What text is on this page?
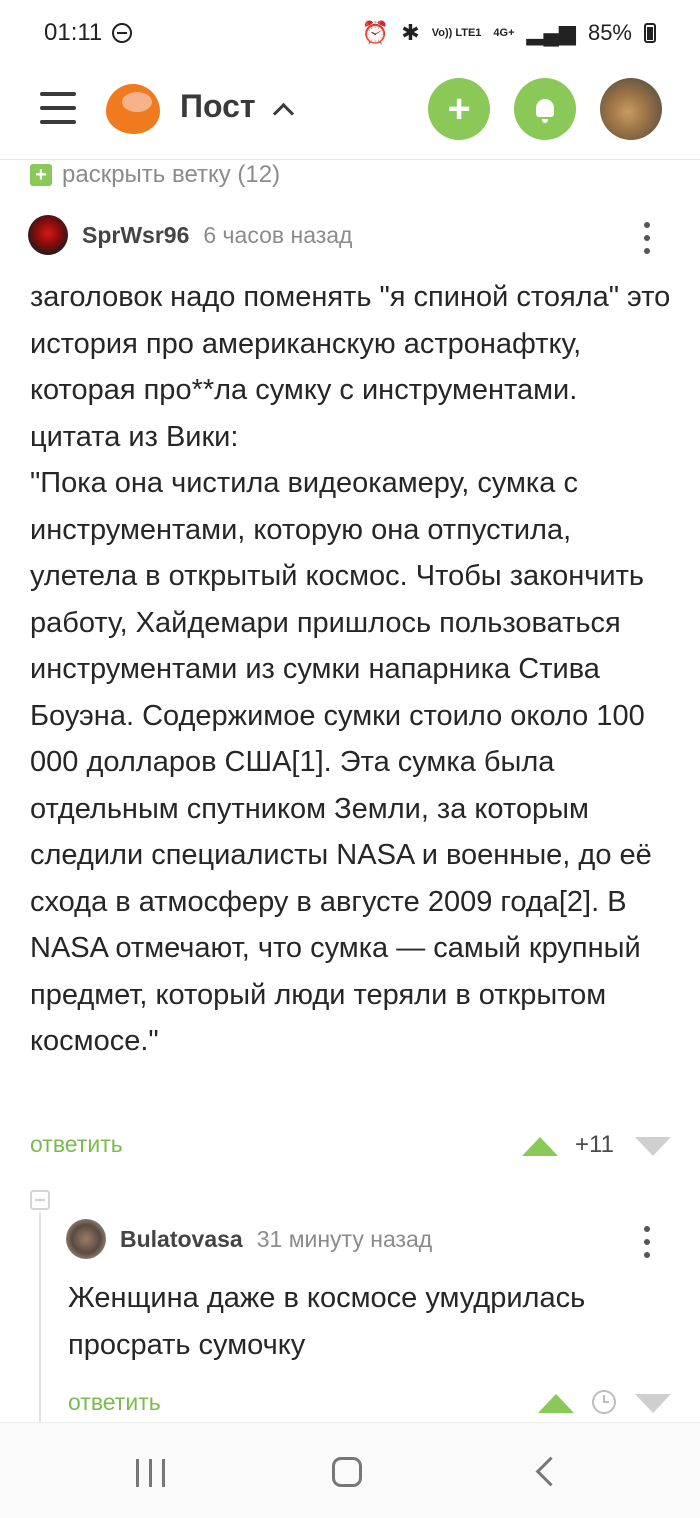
01:11	⏰ ✱ Vo)) LTE1 4G+ ▂▄▆ 85%
Пост	+
+ раскрыть ветку (12)
SprWsr96 6 часов назад

заголовок надо поменять "я спиной стояла" это история про американскую астронафтку, которая про**ла сумку с инструментами. цитата из Вики:

"Пока она чистила видеокамеру, сумка с инструментами, которую она отпустила, улетела в открытый космос. Чтобы закончить работу, Хайдемари пришлось пользоваться инструментами из сумки напарника Стива Боуэна. Содержимое сумки стоило около 100 000 долларов США[1]. Эта сумка была отдельным спутником Земли, за которым следили специалисты NASA и военные, до её схода в атмосферу в августе 2009 года[2]. В NASA отмечают, что сумка — самый крупный предмет, который люди теряли в открытом космосе."

ответить	+11
Bulatovasa 31 минуту назад
Женщина даже в космосе умудрилась просрать сумочку
ответить
